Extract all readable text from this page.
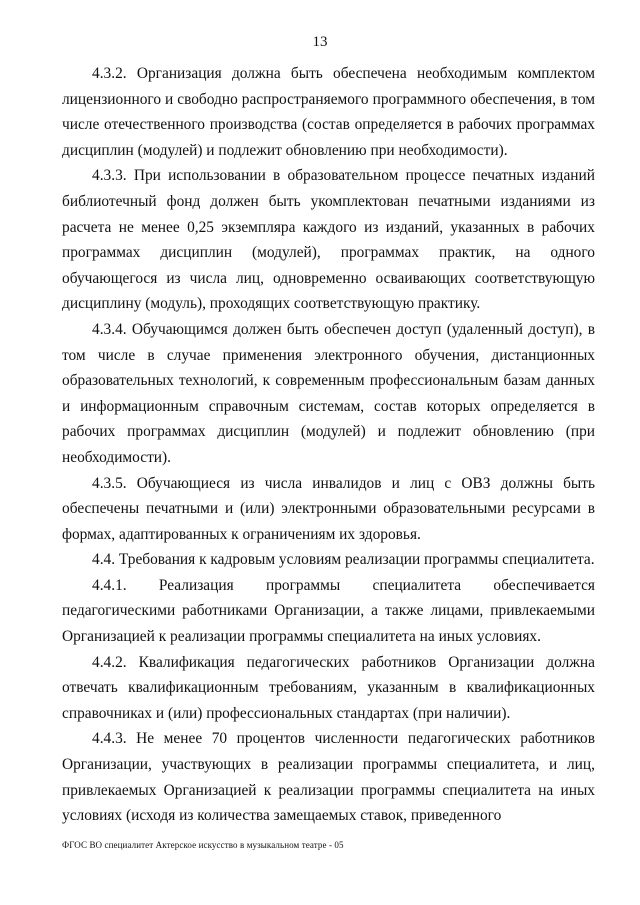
13

4.3.2. Организация должна быть обеспечена необходимым комплектом лицензионного и свободно распространяемого программного обеспечения, в том числе отечественного производства (состав определяется в рабочих программах дисциплин (модулей) и подлежит обновлению при необходимости).

4.3.3. При использовании в образовательном процессе печатных изданий библиотечный фонд должен быть укомплектован печатными изданиями из расчета не менее 0,25 экземпляра каждого из изданий, указанных в рабочих программах дисциплин (модулей), программах практик, на одного обучающегося из числа лиц, одновременно осваивающих соответствующую дисциплину (модуль), проходящих соответствующую практику.

4.3.4. Обучающимся должен быть обеспечен доступ (удаленный доступ), в том числе в случае применения электронного обучения, дистанционных образовательных технологий, к современным профессиональным базам данных и информационным справочным системам, состав которых определяется в рабочих программах дисциплин (модулей) и подлежит обновлению (при необходимости).

4.3.5. Обучающиеся из числа инвалидов и лиц с ОВЗ должны быть обеспечены печатными и (или) электронными образовательными ресурсами в формах, адаптированных к ограничениям их здоровья.

4.4. Требования к кадровым условиям реализации программы специалитета.

4.4.1. Реализация программы специалитета обеспечивается педагогическими работниками Организации, а также лицами, привлекаемыми Организацией к реализации программы специалитета на иных условиях.

4.4.2. Квалификация педагогических работников Организации должна отвечать квалификационным требованиям, указанным в квалификационных справочниках и (или) профессиональных стандартах (при наличии).

4.4.3. Не менее 70 процентов численности педагогических работников Организации, участвующих в реализации программы специалитета, и лиц, привлекаемых Организацией к реализации программы специалитета на иных условиях (исходя из количества замещаемых ставок, приведенного

ФГОС ВО специалитет Актерское искусство в музыкальном театре - 05
